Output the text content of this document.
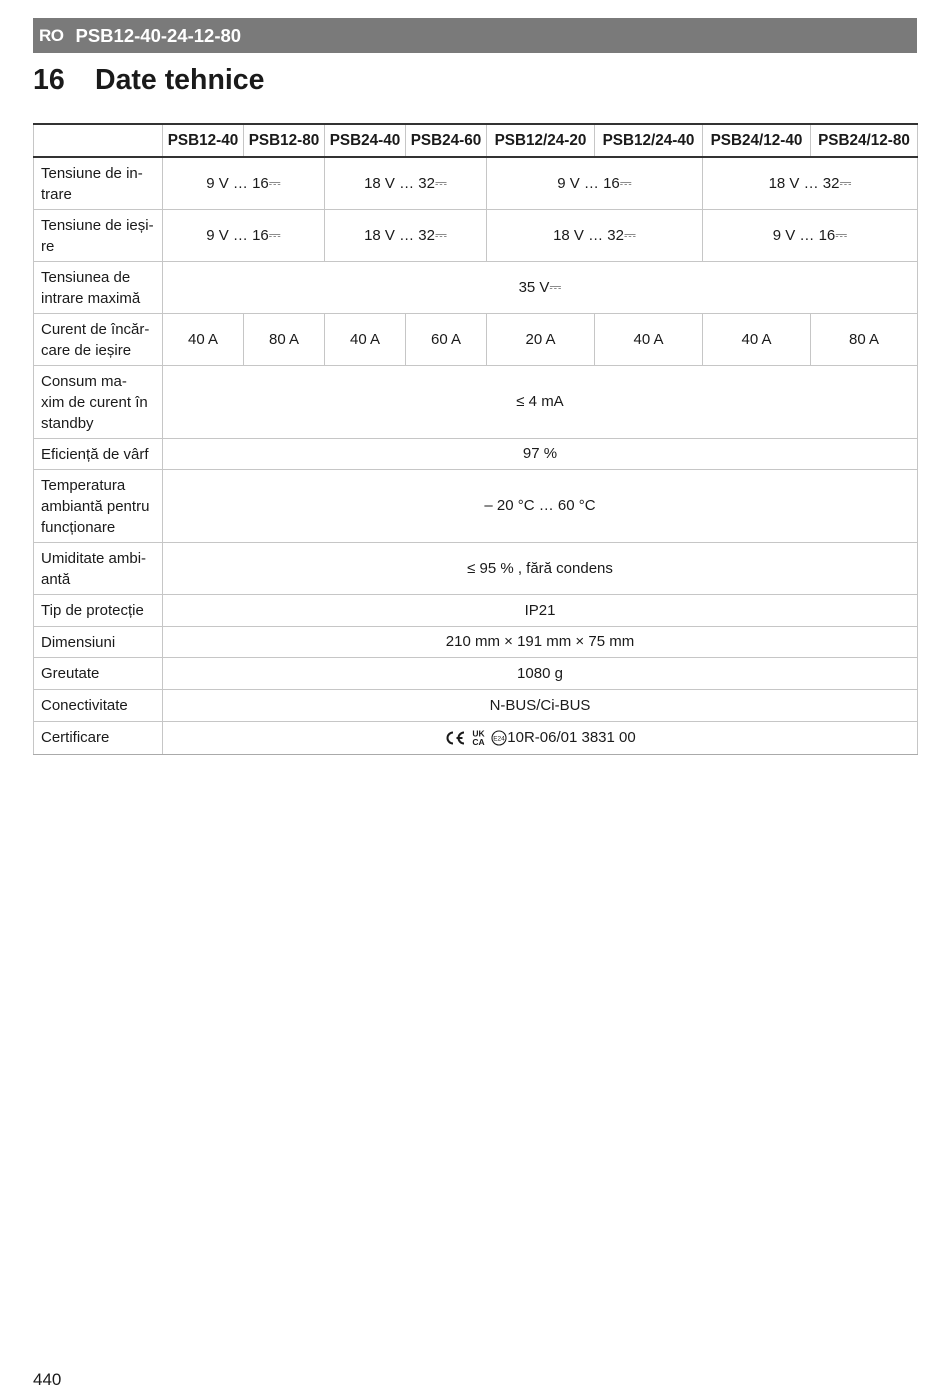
RO PSB12-40-24-12-80
16	Date tehnice
	PSB12-40	PSB12-80	PSB24-40	PSB24-60	PSB12/24-20	PSB12/24-40	PSB24/12-40	PSB24/12-80
Tensiune de in-
trare	9 V … 16⎓		18 V … 32⎓		9 V … 16⎓		18 V … 32⎓	
Tensiune de ieși-
re	9 V … 16⎓		18 V … 32⎓		18 V … 32⎓		9 V … 16⎓	
Tensiunea de
intrare maximă	35 V⎓							
Curent de încăr-
care de ieșire	40 A	80 A	40 A	60 A	20 A	40 A	40 A	80 A
Consum ma-
xim de curent în
standby	≤ 4 mA							
Eficiență de vârf	97 %							
Temperatura
ambiantă pentru
funcționare	– 20 °C … 60 °C							
Umiditate ambi-
antă	≤ 95 % , fără condens							
Tip de protecție	IP21							
Dimensiuni	210 mm × 191 mm × 75 mm							
Greutate	1080 g							
Conectivitate	N-BUS/Ci-BUS							
Certificare	UK
CA E24 10R-06/01 3831 00							
440
